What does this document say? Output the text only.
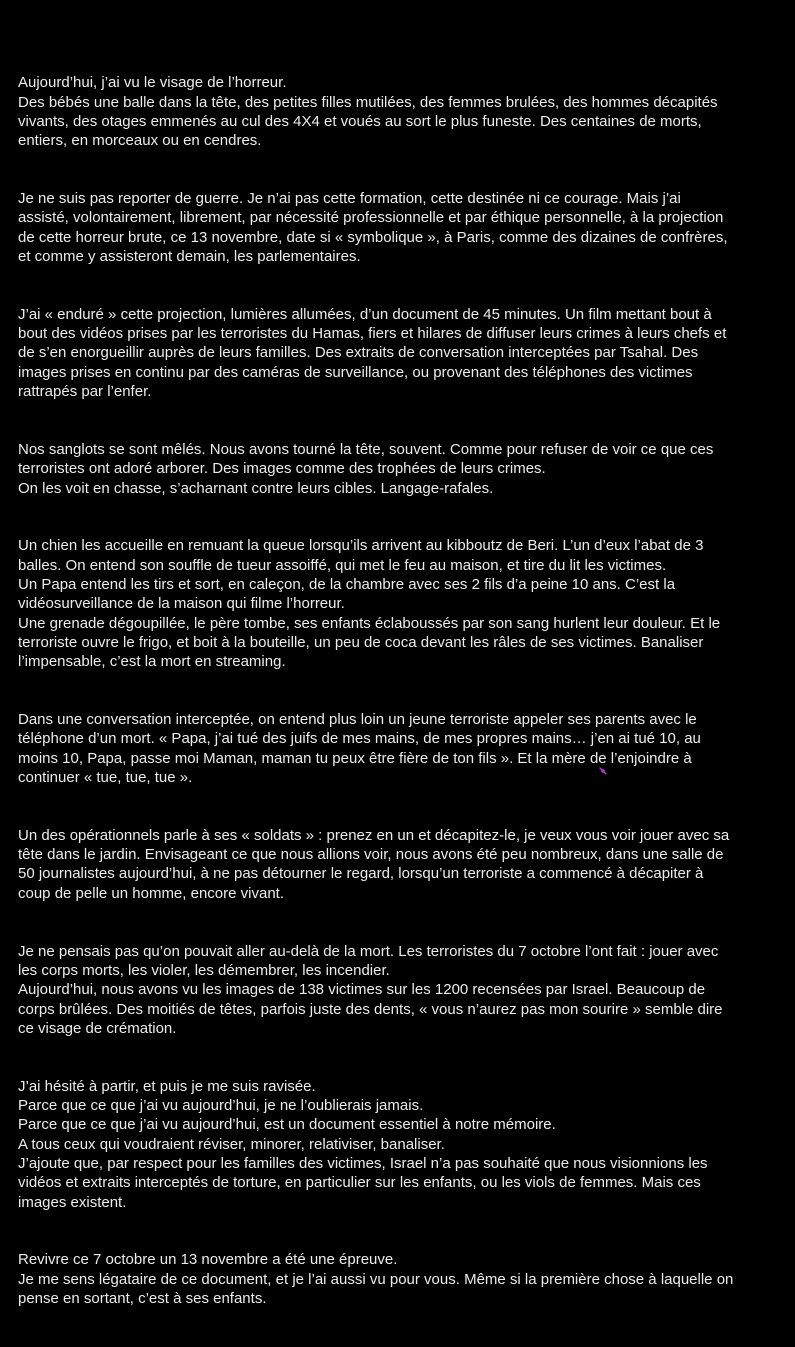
Aujourd’hui, j’ai vu le visage de l’horreur.
Des bébés une balle dans la tête, des petites filles mutilées, des femmes brulées, des hommes décapités
vivants, des otages emmenés au cul des 4X4 et voués au sort le plus funeste. Des centaines de morts,
entiers, en morceaux ou en cendres.

Je ne suis pas reporter de guerre. Je n’ai pas cette formation, cette destinée ni ce courage. Mais j’ai
assisté, volontairement, librement, par nécessité professionnelle et par éthique personnelle, à la projection
de cette horreur brute, ce 13 novembre, date si « symbolique », à Paris, comme des dizaines de confrères,
et comme y assisteront demain, les parlementaires.

J’ai « enduré » cette projection, lumières allumées, d’un document de 45 minutes. Un film mettant bout à
bout des vidéos prises par les terroristes du Hamas, fiers et hilares de diffuser leurs crimes à leurs chefs et
de s’en enorgueillir auprès de leurs familles. Des extraits de conversation interceptées par Tsahal. Des
images prises en continu par des caméras de surveillance, ou provenant des téléphones des victimes
rattrapés par l’enfer.

Nos sanglots se sont mêlés. Nous avons tourné la tête, souvent. Comme pour refuser de voir ce que ces
terroristes ont adoré arborer. Des images comme des trophées de leurs crimes.
On les voit en chasse, s’acharnant contre leurs cibles. Langage-rafales.

Un chien les accueille en remuant la queue lorsqu’ils arrivent au kibboutz de Beri. L’un d’eux l’abat de 3
balles. On entend son souffle de tueur assoiffé, qui met le feu au maison, et tire du lit les victimes.
Un Papa entend les tirs et sort, en caleçon, de la chambre avec ses 2 fils d’a peine 10 ans. C’est la
vidéosurveillance de la maison qui filme l’horreur.
Une grenade dégoupillée, le père tombe, ses enfants éclaboussés par son sang hurlent leur douleur. Et le
terroriste ouvre le frigo, et boit à la bouteille, un peu de coca devant les râles de ses victimes. Banaliser
l’impensable, c’est la mort en streaming.

Dans une conversation interceptée, on entend plus loin un jeune terroriste appeler ses parents avec le
téléphone d’un mort. « Papa, j’ai tué des juifs de mes mains, de mes propres mains… j’en ai tué 10, au
moins 10, Papa, passe moi Maman, maman tu peux être fière de ton fils ». Et la mère de l’enjoindre à
continuer « tue, tue, tue ».

Un des opérationnels parle à ses « soldats » : prenez en un et décapitez-le, je veux vous voir jouer avec sa
tête dans le jardin. Envisageant ce que nous allions voir, nous avons été peu nombreux, dans une salle de
50 journalistes aujourd’hui, à ne pas détourner le regard, lorsqu’un terroriste a commencé à décapiter à
coup de pelle un homme, encore vivant.

Je ne pensais pas qu’on pouvait aller au-delà de la mort. Les terroristes du 7 octobre l’ont fait : jouer avec
les corps morts, les violer, les démembrer, les incendier.
Aujourd’hui, nous avons vu les images de 138 victimes sur les 1200 recensées par Israel. Beaucoup de
corps brûlées. Des moitiés de têtes, parfois juste des dents, « vous n’aurez pas mon sourire » semble dire
ce visage de crémation.

J’ai hésité à partir, et puis je me suis ravisée.
Parce que ce que j’ai vu aujourd’hui, je ne l’oublierais jamais.
Parce que ce que j’ai vu aujourd’hui, est un document essentiel à notre mémoire.
A tous ceux qui voudraient réviser, minorer, relativiser, banaliser.
J’ajoute que, par respect pour les familles des victimes, Israel n’a pas souhaité que nous visionnions les
vidéos et extraits interceptés de torture, en particulier sur les enfants, ou les viols de femmes. Mais ces
images existent.

Revivre ce 7 octobre un 13 novembre a été une épreuve.
Je me sens légataire de ce document, et je l’ai aussi vu pour vous. Même si la première chose à laquelle on
pense en sortant, c’est à ses enfants.
